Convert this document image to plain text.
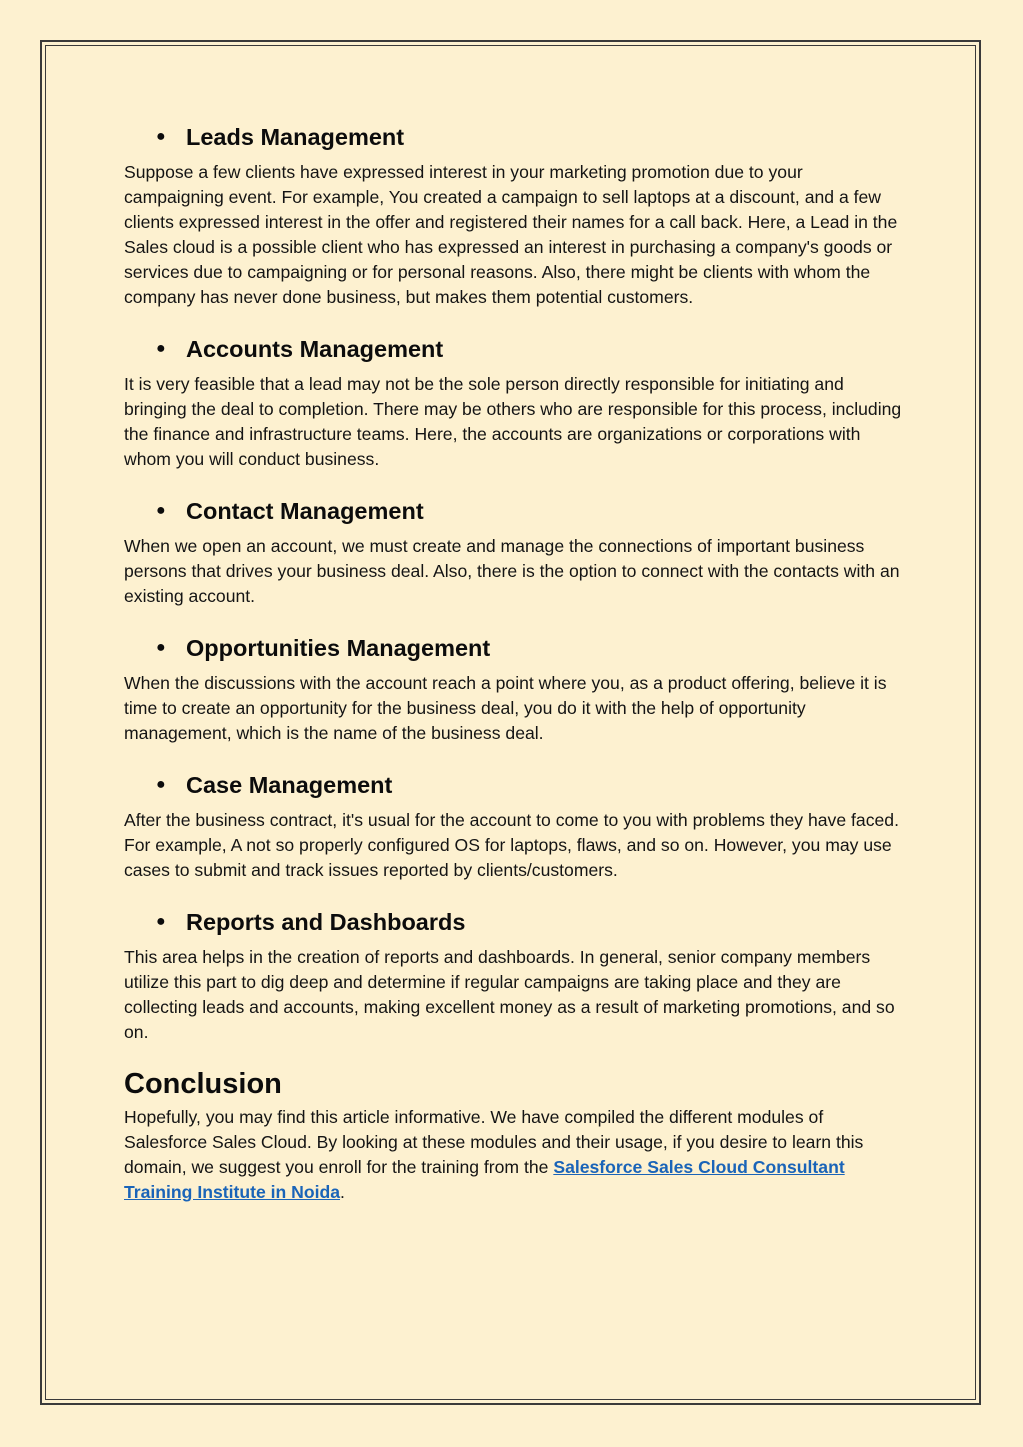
● Leads Management

Suppose a few clients have expressed interest in your marketing promotion due to your campaigning event. For example, You created a campaign to sell laptops at a discount, and a few clients expressed interest in the offer and registered their names for a call back. Here, a Lead in the Sales cloud is a possible client who has expressed an interest in purchasing a company's goods or services due to campaigning or for personal reasons. Also, there might be clients with whom the company has never done business, but makes them potential customers.

● Accounts Management

It is very feasible that a lead may not be the sole person directly responsible for initiating and bringing the deal to completion. There may be others who are responsible for this process, including the finance and infrastructure teams. Here, the accounts are organizations or corporations with whom you will conduct business.

● Contact Management

When we open an account, we must create and manage the connections of important business persons that drives your business deal. Also, there is the option to connect with the contacts with an existing account.

● Opportunities Management

When the discussions with the account reach a point where you, as a product offering, believe it is time to create an opportunity for the business deal, you do it with the help of opportunity management, which is the name of the business deal.

● Case Management

After the business contract, it's usual for the account to come to you with problems they have faced. For example, A not so properly configured OS for laptops, flaws, and so on. However, you may use cases to submit and track issues reported by clients/customers.

● Reports and Dashboards

This area helps in the creation of reports and dashboards. In general, senior company members utilize this part to dig deep and determine if regular campaigns are taking place and they are collecting leads and accounts, making excellent money as a result of marketing promotions, and so on.

Conclusion

Hopefully, you may find this article informative. We have compiled the different modules of Salesforce Sales Cloud. By looking at these modules and their usage, if you desire to learn this domain, we suggest you enroll for the training from the Salesforce Sales Cloud Consultant Training Institute in Noida.
